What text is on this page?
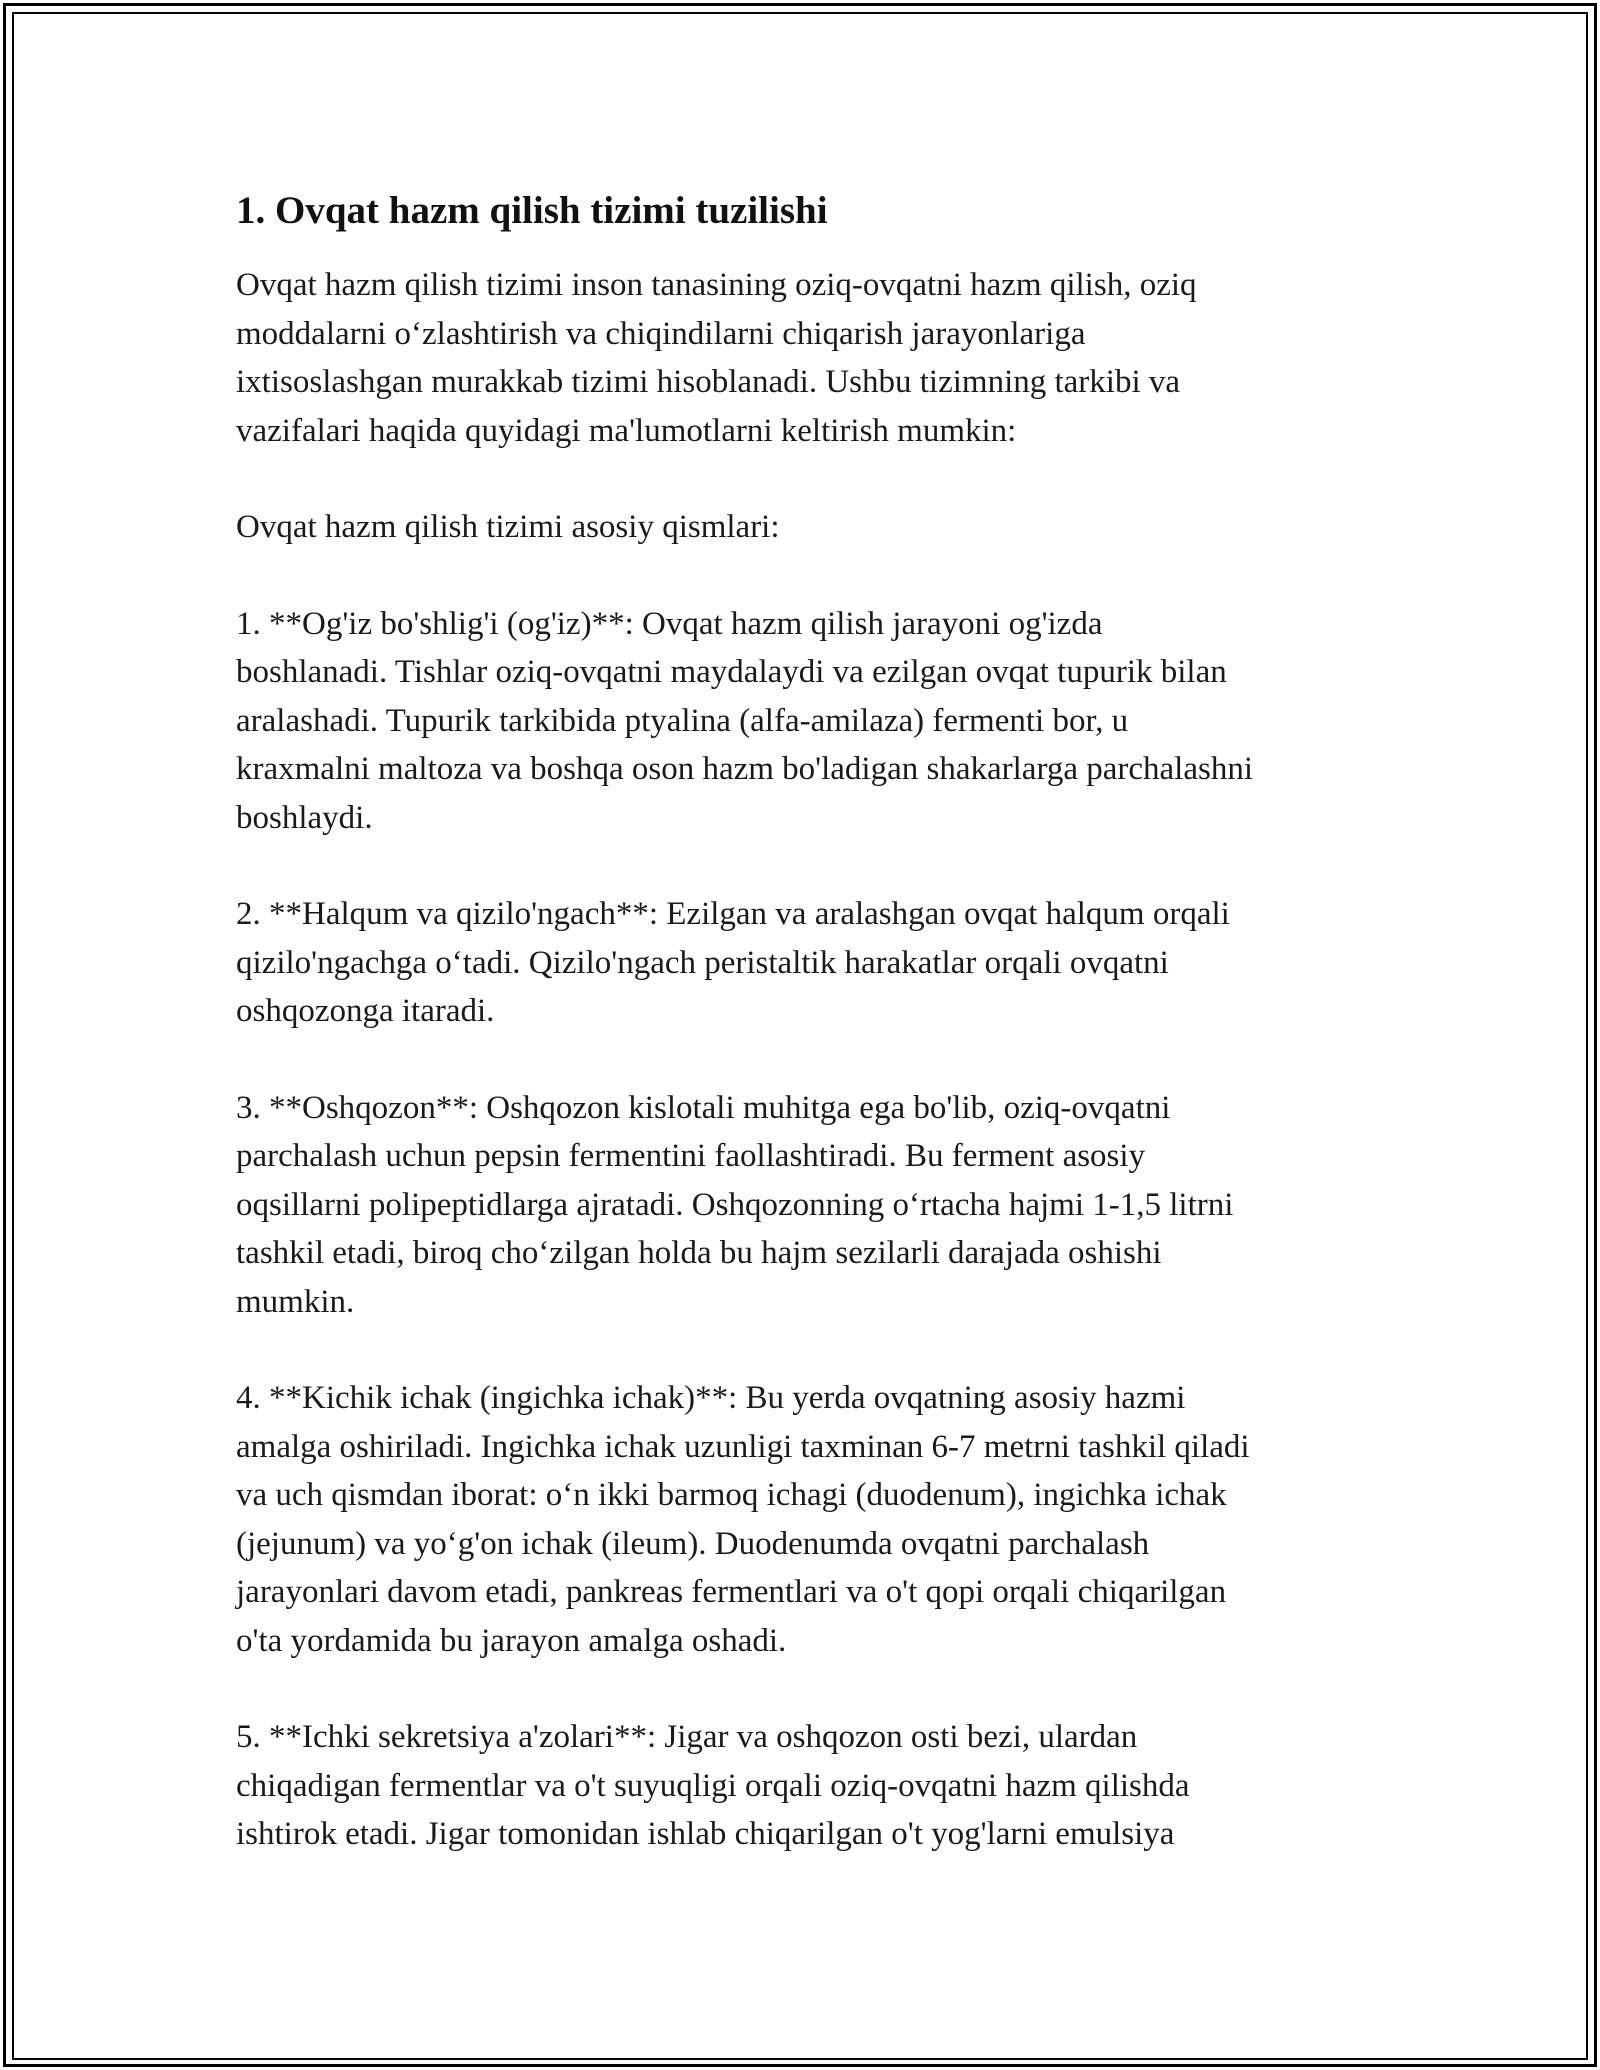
1. Ovqat hazm qilish tizimi tuzilishi

Ovqat hazm qilish tizimi inson tanasining oziq-ovqatni hazm qilish, oziq
moddalarni o‘zlashtirish va chiqindilarni chiqarish jarayonlariga
ixtisoslashgan murakkab tizimi hisoblanadi. Ushbu tizimning tarkibi va
vazifalari haqida quyidagi ma'lumotlarni keltirish mumkin:

Ovqat hazm qilish tizimi asosiy qismlari:

1. **Og'iz bo'shlig'i (og'iz)**: Ovqat hazm qilish jarayoni og'izda
boshlanadi. Tishlar oziq-ovqatni maydalaydi va ezilgan ovqat tupurik bilan
aralashadi. Tupurik tarkibida ptyalina (alfa-amilaza) fermenti bor, u
kraxmalni maltoza va boshqa oson hazm bo'ladigan shakarlarga parchalashni
boshlaydi.

2. **Halqum va qizilo'ngach**: Ezilgan va aralashgan ovqat halqum orqali
qizilo'ngachga o‘tadi. Qizilo'ngach peristaltik harakatlar orqali ovqatni
oshqozonga itaradi.

3. **Oshqozon**: Oshqozon kislotali muhitga ega bo'lib, oziq-ovqatni
parchalash uchun pepsin fermentini faollashtiradi. Bu ferment asosiy
oqsillarni polipeptidlarga ajratadi. Oshqozonning o‘rtacha hajmi 1-1,5 litrni
tashkil etadi, biroq cho‘zilgan holda bu hajm sezilarli darajada oshishi
mumkin.

4. **Kichik ichak (ingichka ichak)**: Bu yerda ovqatning asosiy hazmi
amalga oshiriladi. Ingichka ichak uzunligi taxminan 6-7 metrni tashkil qiladi
va uch qismdan iborat: o‘n ikki barmoq ichagi (duodenum), ingichka ichak
(jejunum) va yo‘g'on ichak (ileum). Duodenumda ovqatni parchalash
jarayonlari davom etadi, pankreas fermentlari va o't qopi orqali chiqarilgan
o'ta yordamida bu jarayon amalga oshadi.

5. **Ichki sekretsiya a'zolari**: Jigar va oshqozon osti bezi, ulardan
chiqadigan fermentlar va o't suyuqligi orqali oziq-ovqatni hazm qilishda
ishtirok etadi. Jigar tomonidan ishlab chiqarilgan o't yog'larni emulsiya
